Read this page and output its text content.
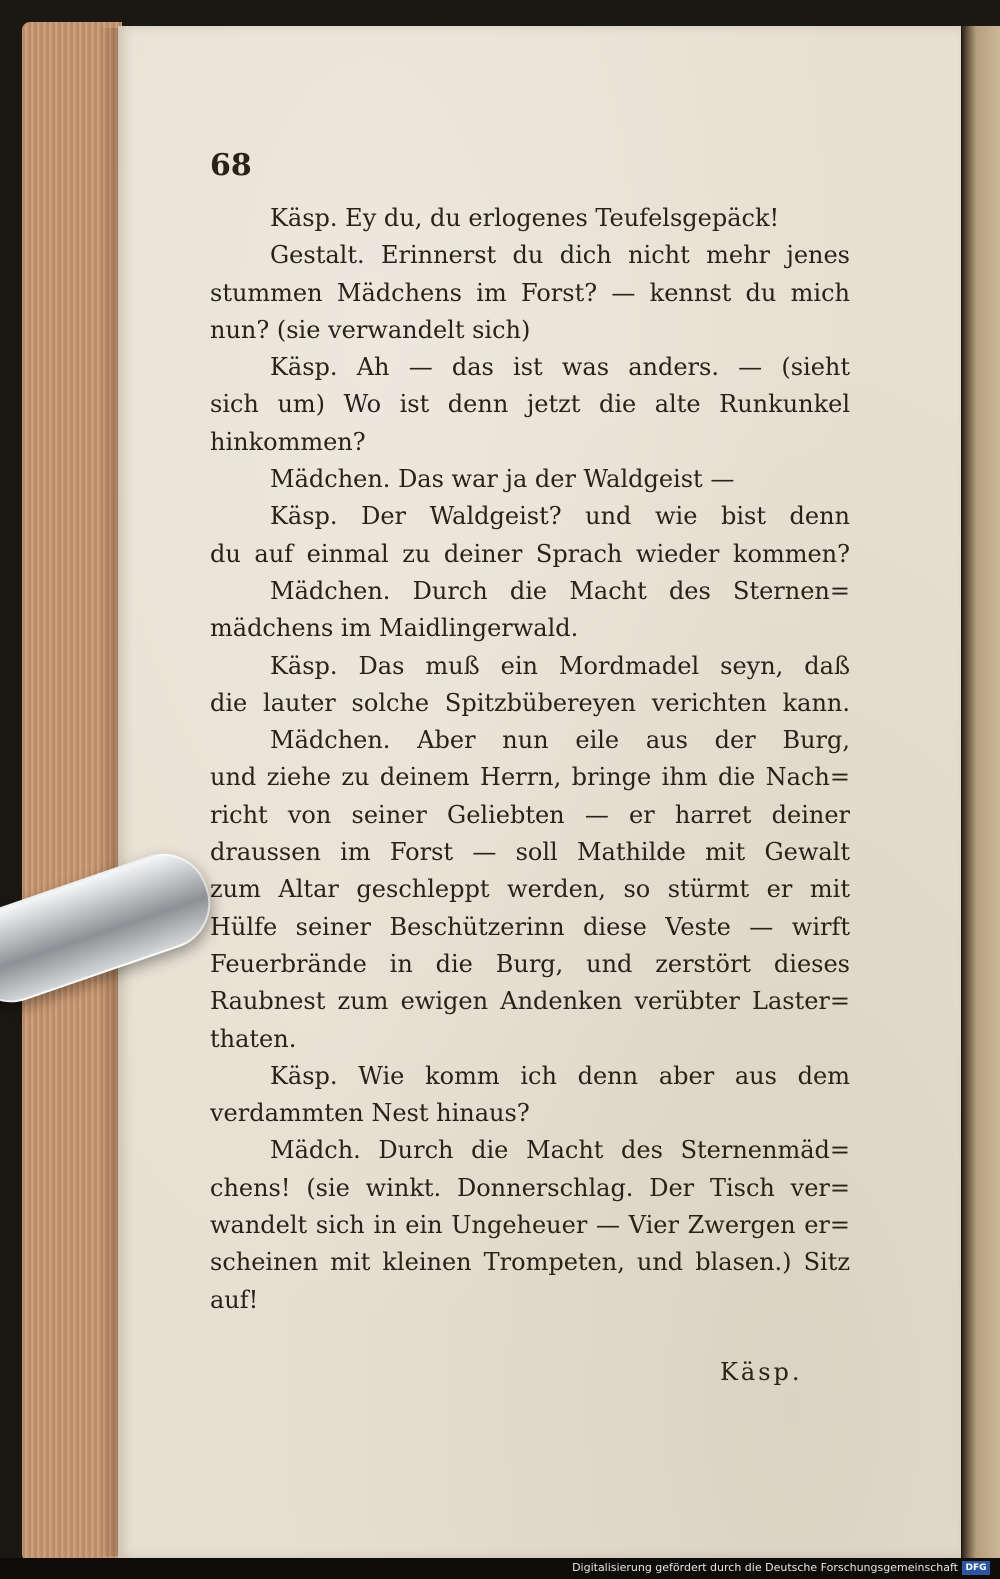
68
Käsp. Ey du, du erlogenes Teufelsgepäck!
Gestalt. Erinnerst du dich nicht mehr jenes
stummen Mädchens im Forst? — kennst du mich
nun? (sie verwandelt sich)
Käsp. Ah — das ist was anders. — (sieht
sich um) Wo ist denn jetzt die alte Runkunkel
hinkommen?
Mädchen. Das war ja der Waldgeist —
Käsp. Der Waldgeist? und wie bist denn
du auf einmal zu deiner Sprach wieder kommen?
Mädchen. Durch die Macht des Sternen=
mädchens im Maidlingerwald.
Käsp. Das muß ein Mordmadel seyn, daß
die lauter solche Spitzbübereyen verichten kann.
Mädchen. Aber nun eile aus der Burg,
und ziehe zu deinem Herrn, bringe ihm die Nach=
richt von seiner Geliebten — er harret deiner
draussen im Forst — soll Mathilde mit Gewalt
zum Altar geschleppt werden, so stürmt er mit
Hülfe seiner Beschützerinn diese Veste — wirft
Feuerbrände in die Burg, und zerstört dieses
Raubnest zum ewigen Andenken verübter Laster=
thaten.
Käsp. Wie komm ich denn aber aus dem
verdammten Nest hinaus?
Mädch. Durch die Macht des Sternenmäd=
chens! (sie winkt. Donnerschlag. Der Tisch ver=
wandelt sich in ein Ungeheuer — Vier Zwergen er=
scheinen mit kleinen Trompeten, und blasen.) Sitz
auf!
Käsp.
Digitalisierung gefördert durch die Deutsche Forschungsgemeinschaft DFG
